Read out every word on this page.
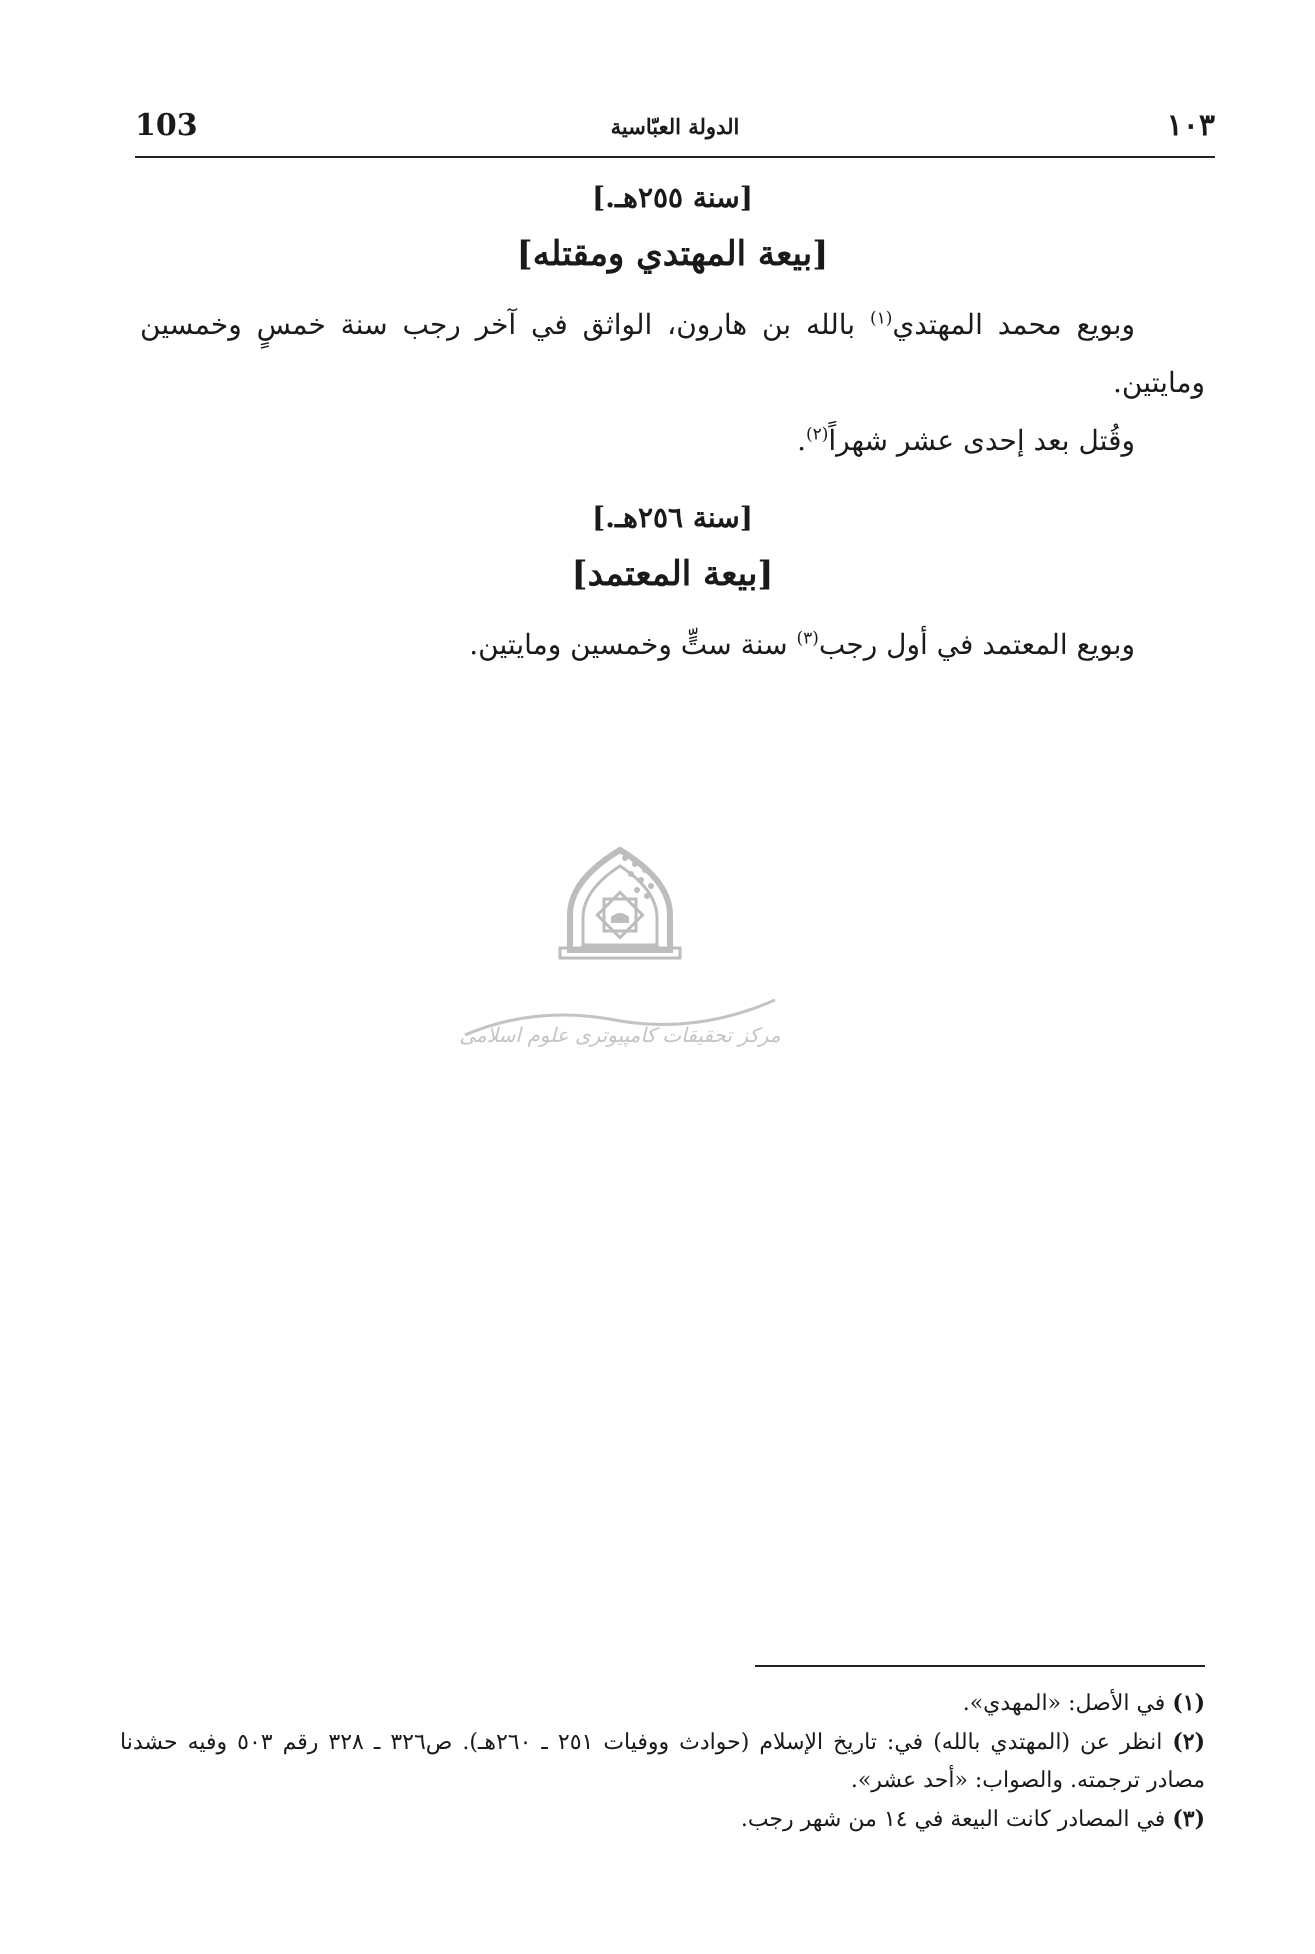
103	الدولة العبّاسية	١٠٣

[سنة ٢٥٥هـ.]

[بيعة المهتدي ومقتله]

وبويع محمد المهتدي$^{(١)}$ بالله بن هارون، الواثق في آخر رجب سنة خمسٍ وخمسين ومايتين.

وقُتل بعد إحدى عشر شهراً$^{(٢)}$.

[سنة ٢٥٦هـ.]

[بيعة المعتمد]

وبويع المعتمد في أول رجب$^{(٣)}$ سنة ستٍّ وخمسين ومايتين.

مرکز تحقیقات کامپیوتری علوم اسلامی

(١) في الأصل: «المهدي».

(٢) انظر عن (المهتدي بالله) في: تاريخ الإسلام (حوادث ووفيات ٢٥١ ـ ٢٦٠هـ). ص٣٢٦ ـ ٣٢٨ رقم ٥٠٣ وفيه حشدنا مصادر ترجمته. والصواب: «أحد عشر».

(٣) في المصادر كانت البيعة في ١٤ من شهر رجب.
